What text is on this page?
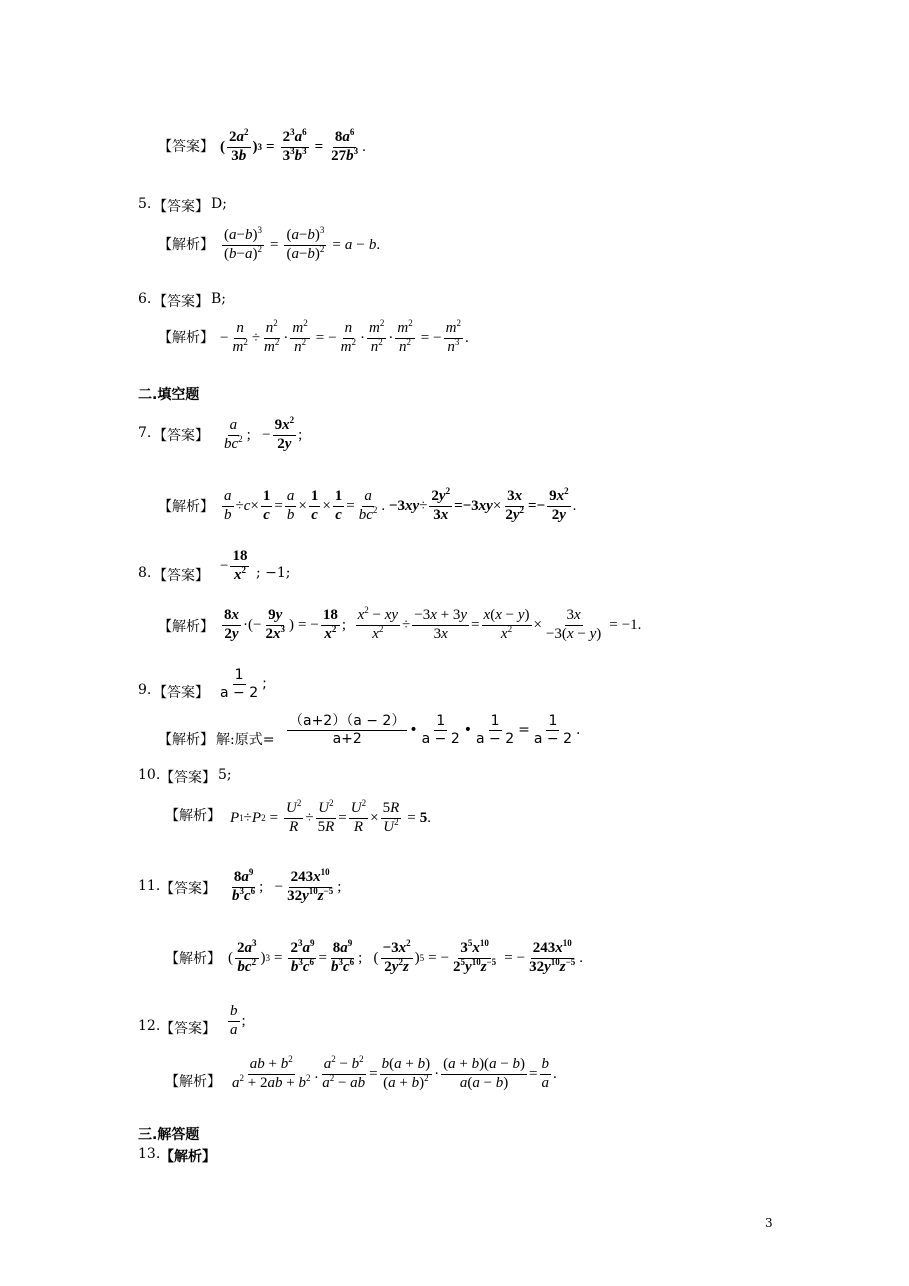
【答案】 ( $\frac{2a^2}{3b}$ ) $3 = \frac{2^3a^6}{3^3b^3} = \frac{8a^6}{27b^3}$ .
5. 【答案】 D;
【解析】 $\frac{(a-b)^3}{(b-a)^2} = \frac{(a-b)^3}{(a-b)^2} = a - b$ .
6. 【答案】 B;
【解析】 − $\frac{n}{m^2} \div \frac{n^2}{m^2} \cdot \frac{m^2}{n^2}$ = − $\frac{n}{m^2} \cdot \frac{m^2}{n^2} \cdot \frac{m^2}{n^2}$ = − $\frac{m^2}{n^3}$ .
二.填空题
7. 【答案】 $\frac{a}{bc^2}$ ;   − $\frac{9x^2}{2y}$ ;
【解析】 $\frac{a}{b} \div c \times \frac{1}{c} = \frac{a}{b} \times \frac{1}{c} \times \frac{1}{c} = \frac{a}{bc^2}$ . $-3xy \div \frac{2y^2}{3x} =-3xy \times \frac{3x}{2y^2} =- \frac{9x^2}{2y}$ .
8. 【答案】
− $\frac{18}{x^2}$ ; −1;
【解析】 $\frac{8x}{2y}$ ·(− $\frac{9y}{2x^3}$ ) = − $\frac{18}{x^2}$ ; $\frac{x^2 - xy}{x^2} \div \frac{-3x + 3y}{3x} = \frac{x(x - y)}{x^2} \times \frac{3x}{-3(x - y)} = -1$.
9. 【答案】 $\frac{1}{a - 2}$ ;
【解析】 解:原式= $\frac{(a+2)(a - 2)}{a+2}$ • $\frac{1}{a - 2}$ • $\frac{1}{a - 2} = \frac{1}{a - 2}$ .
10. 【答案】 5;
【解析】 P 1 ÷ P $2 = \frac{U^2}{R} \div \frac{U^2}{5R} = \frac{U^2}{R} \times \frac{5R}{U^2} = 5$ .
11. 【答案】 $\frac{8a^9}{b^3c^6}$ ;   − $\frac{243x^{10}}{32y^{10}z^{-5}}$ ;
【解析】 ( $\frac{2a^3}{bc^2}$ ) $3 = \frac{2^3a^9}{b^3c^6} = \frac{8a^9}{b^3c^6}$ ;   ( $\frac{-3x^2}{2y^2z}$ ) 5 = − $\frac{3^5x^{10}}{2^5y^{10}z^{-5}}$ = − $\frac{243x^{10}}{32y^{10}z^{-5}}$ .
12. 【答案】 $\frac{b}{a}$ ;
【解析】 $\frac{ab + b^2}{a^2 + 2ab + b^2}$ . $\frac{a^2 - b^2}{a^2 - ab} = \frac{b(a + b)}{(a + b)^2} \cdot \frac{(a + b)(a - b)}{a(a - b)} = \frac{b}{a}$ .
三.解答题
13. 【解析】
3
